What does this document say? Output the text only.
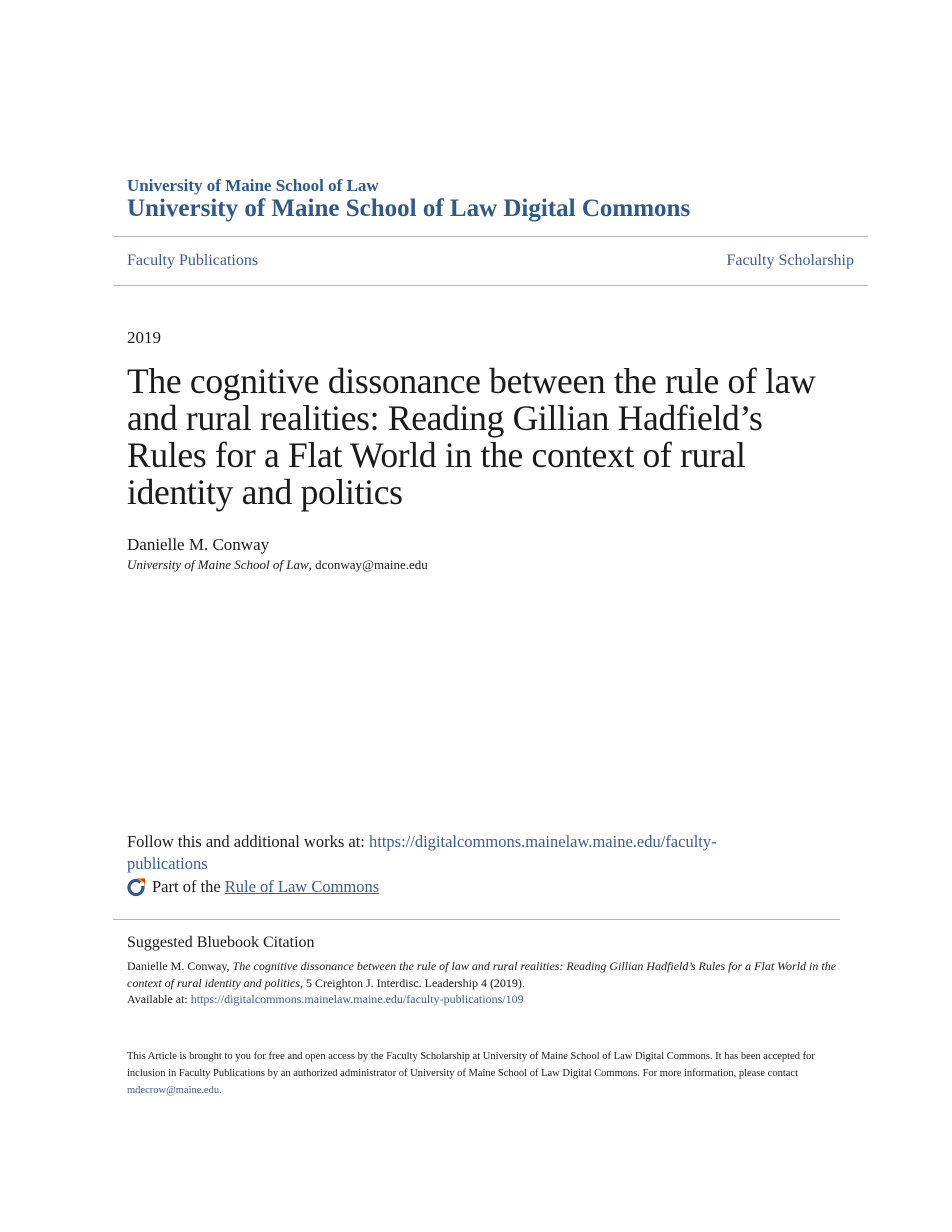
University of Maine School of Law
University of Maine School of Law Digital Commons
Faculty Publications	Faculty Scholarship
2019
The cognitive dissonance between the rule of law and rural realities: Reading Gillian Hadfield’s Rules for a Flat World in the context of rural identity and politics
Danielle M. Conway
University of Maine School of Law, dconway@maine.edu
Follow this and additional works at: https://digitalcommons.mainelaw.maine.edu/faculty-publications
Part of the Rule of Law Commons
Suggested Bluebook Citation
Danielle M. Conway, The cognitive dissonance between the rule of law and rural realities: Reading Gillian Hadfield’s Rules for a Flat World in the context of rural identity and politics, 5 Creighton J. Interdisc. Leadership 4 (2019).
Available at: https://digitalcommons.mainelaw.maine.edu/faculty-publications/109
This Article is brought to you for free and open access by the Faculty Scholarship at University of Maine School of Law Digital Commons. It has been accepted for inclusion in Faculty Publications by an authorized administrator of University of Maine School of Law Digital Commons. For more information, please contact mdecrow@maine.edu.
